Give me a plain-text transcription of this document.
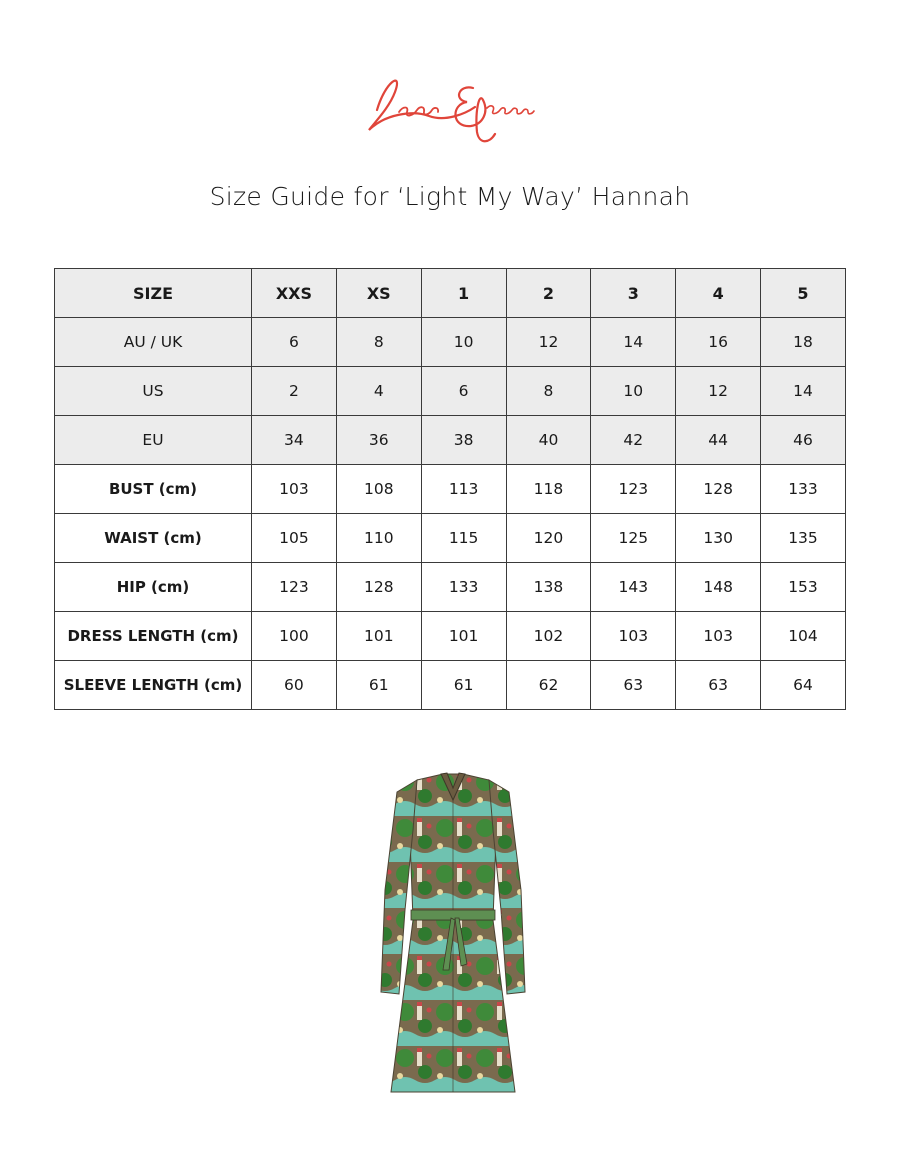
Size Guide for ‘Light My Way’ Hannah
SIZE	XXS	XS	1	2	3	4	5
AU / UK	6	8	10	12	14	16	18
US	2	4	6	8	10	12	14
EU	34	36	38	40	42	44	46
BUST (cm)	103	108	113	118	123	128	133
WAIST (cm)	105	110	115	120	125	130	135
HIP (cm)	123	128	133	138	143	148	153
DRESS LENGTH (cm)	100	101	101	102	103	103	104
SLEEVE LENGTH (cm)	60	61	61	62	63	63	64
